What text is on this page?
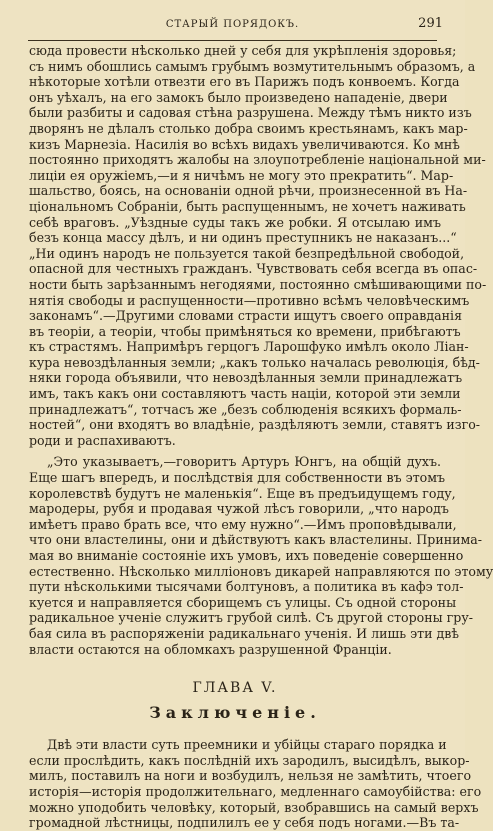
СТАРЫЙ ПОРЯДОКЪ.	291

сюда провести нѣсколько дней у себя для укрѣпленія здоровья;

съ нимъ обошлись самымъ грубымъ возмутительнымъ образомъ, а

нѣкоторые хотѣли отвезти его въ Парижъ подъ конвоемъ. Когда

онъ уѣхалъ, на его замокъ было произведено нападеніе, двери

были разбиты и садовая стѣна разрушена. Между тѣмъ никто изъ

дворянъ не дѣлалъ столько добра своимъ крестьянамъ, какъ мар-

кизъ Марнезіа. Насилія во всѣхъ видахъ увеличиваются. Ко мнѣ

постоянно приходятъ жалобы на злоупотребленіе національной ми-

лиціи ея оружіемъ,—и я ничѣмъ не могу это прекратить“. Мар-

шальство, боясь, на основаніи одной рѣчи, произнесенной въ На-

ціональномъ Собраніи, быть распущеннымъ, не хочетъ наживать

себѣ враговъ. „Уѣздные суды такъ же робки. Я отсылаю имъ

безъ конца массу дѣлъ, и ни одинъ преступникъ не наказанъ...“

„Ни одинъ народъ не пользуется такой безпредѣльной свободой,

опасной для честныхъ гражданъ. Чувствовать себя всегда въ опас-

ности быть зарѣзаннымъ негодяями, постоянно смѣшивающими по-

нятія свободы и распущенности—противно всѣмъ человѣческимъ

законамъ“.—Другими словами страсти ищутъ своего оправданія

въ теоріи, а теоріи, чтобы примѣняться ко времени, прибѣгаютъ

къ страстямъ. Напримѣръ герцогъ Ларошфуко имѣлъ около Ліан-

кура невоздѣланныя земли; „какъ только началась революція, бѣд-

няки города объявили, что невоздѣланныя земли принадлежатъ

имъ, такъ какъ они составляютъ часть націи, которой эти земли

принадлежатъ“, тотчасъ же „безъ соблюденія всякихъ формаль-

ностей“, они входятъ во владѣніе, раздѣляютъ земли, ставятъ изго-

роди и распахиваютъ.

„Это указываетъ,—говоритъ Артуръ Юнгъ, на общій духъ.

Еще шагъ впередъ, и послѣдствія для собственности въ этомъ

королевствѣ будутъ не маленькія“. Еще въ предъидущемъ году,

мародеры, рубя и продавая чужой лѣсъ говорили, „что народъ

имѣетъ право брать все, что ему нужно“.—Имъ проповѣдывали,

что они властелины, они и дѣйствуютъ какъ властелины. Принима-

мая во вниманіе состояніе ихъ умовъ, ихъ поведеніе совершенно

естественно. Нѣсколько милліоновъ дикарей направляются по этому

пути нѣсколькими тысячами болтуновъ, а политика въ кафэ тол-

куется и направляется сборищемъ съ улицы. Съ одной стороны

радикальное ученіе служитъ грубой силѣ. Съ другой стороны гру-

бая сила въ распоряженіи радикальнаго ученія. И лишь эти двѣ

власти остаются на обломкахъ разрушенной Франціи.

ГЛАВА V.
Заключеніе.

Двѣ эти власти суть преемники и убійцы стараго порядка и

если прослѣдить, какъ послѣдній ихъ зародилъ, высидѣлъ, выкор-

милъ, поставилъ на ноги и возбудилъ, нельзя не замѣтить, чтоего

исторія—исторія продолжительнаго, медленнаго самоубійства: его

можно уподобить человѣку, который, взобравшись на самый верхъ

громадной лѣстницы, подпилилъ ее у себя подъ ногами.—Въ та-
